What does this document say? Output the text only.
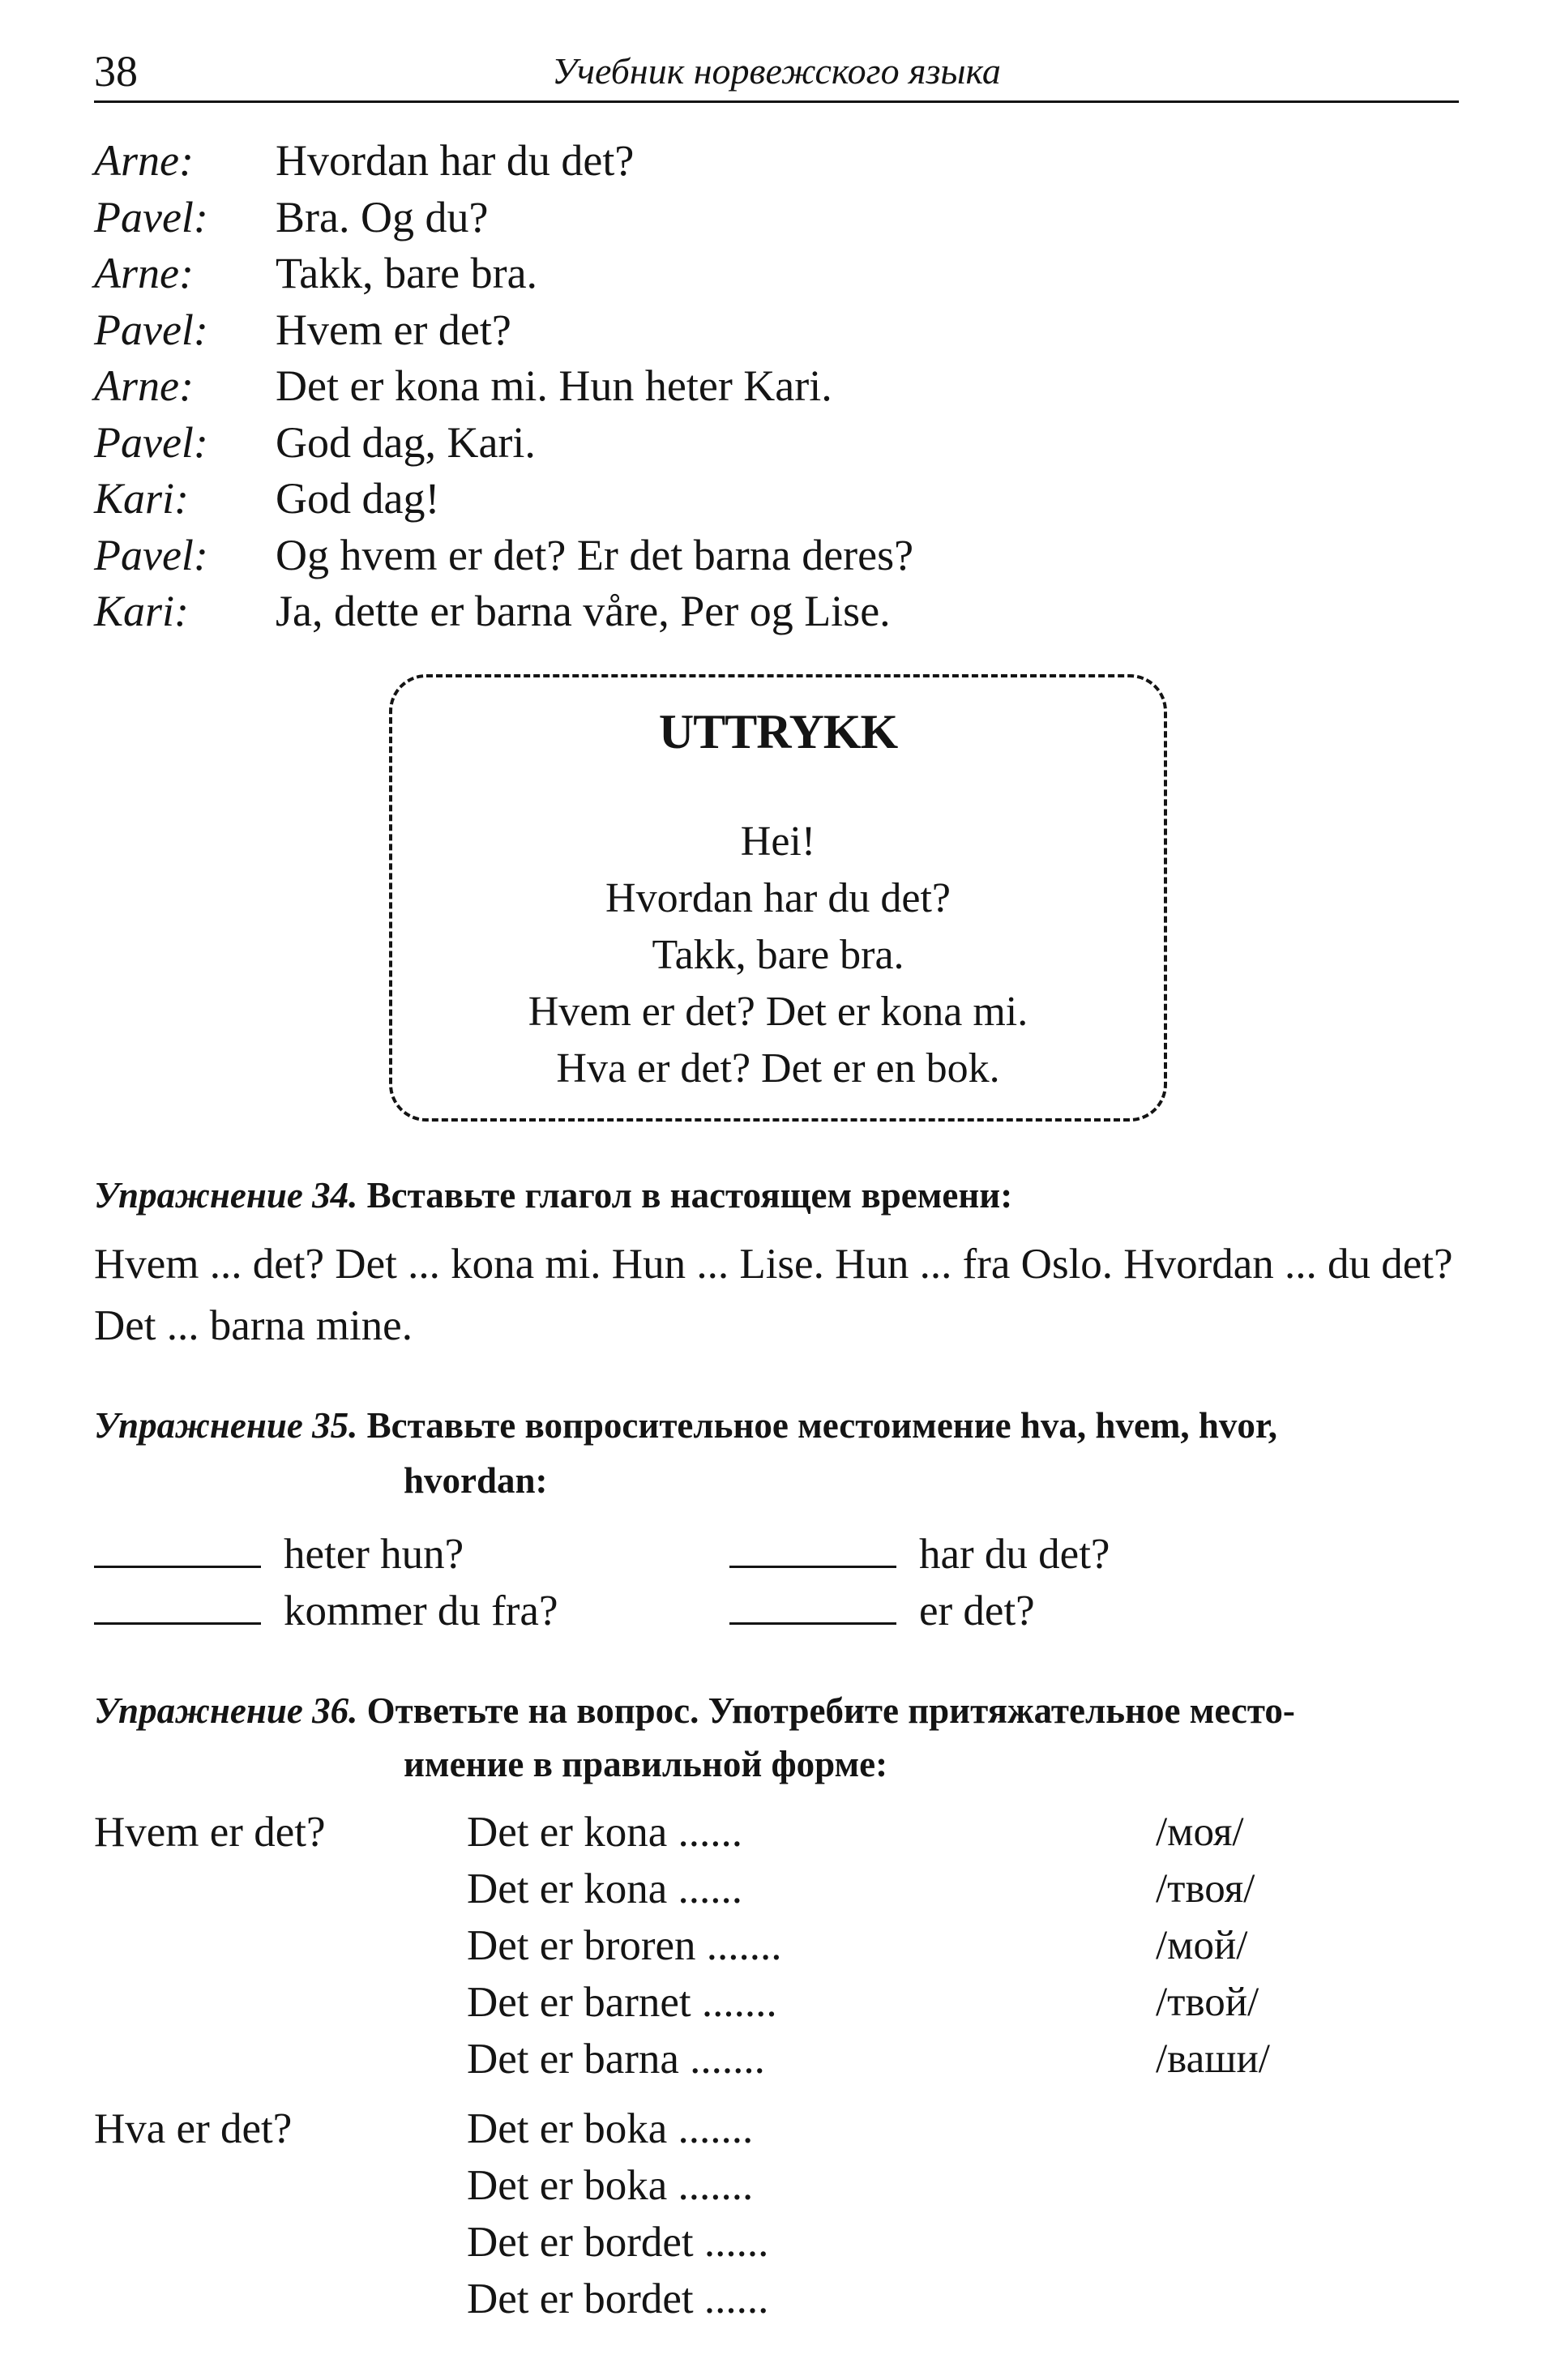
38	Учебник норвежского языка
Arne: Hvordan har du det?
Pavel: Bra. Og du?
Arne: Takk, bare bra.
Pavel: Hvem er det?
Arne: Det er kona mi. Hun heter Kari.
Pavel: God dag, Kari.
Kari: God dag!
Pavel: Og hvem er det? Er det barna deres?
Kari: Ja, dette er barna våre, Per og Lise.
UTTRYKK
Hei!
Hvordan har du det?
Takk, bare bra.
Hvem er det? Det er kona mi.
Hva er det? Det er en bok.
Упражнение 34. Вставьте глагол в настоящем времени:
Hvem ... det? Det ... kona mi. Hun ... Lise. Hun ... fra Oslo. Hvordan ... du det? Det ... barna mine.
Упражнение 35. Вставьте вопросительное местоимение hva, hvem, hvor,
hvordan:
heter hun?
kommer du fra?
har du det?
er det?
Упражнение 36. Ответьте на вопрос. Употребите притяжательное место-
имение в правильной форме:
Hvem er det?	Det er kona ......	/моя/
Det er kona ......	/твоя/
Det er broren .......	/мой/
Det er barnet .......	/твой/
Det er barna .......	/ваши/
Hva er det?	Det er boka .......
Det er boka .......
Det er bordet ......
Det er bordet ......
